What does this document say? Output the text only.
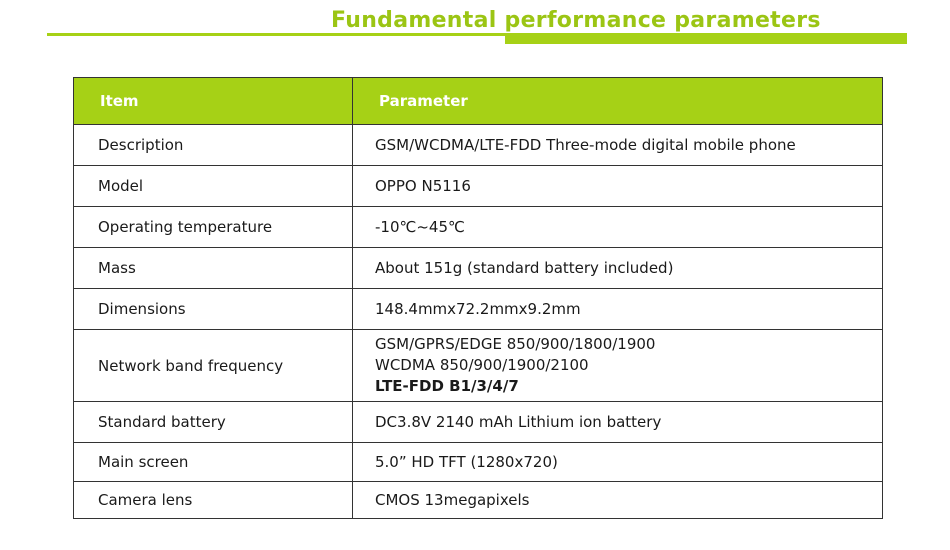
Fundamental performance parameters
Item	Parameter
Description	GSM/WCDMA/LTE-FDD Three-mode digital mobile phone

Model	OPPO N5116

Operating temperature	-10℃~45℃

Mass	About 151g (standard battery included)

Dimensions	148.4mmx72.2mmx9.2mm

Network band frequency	GSM/GPRS/EDGE 850/900/1800/1900
WCDMA 850/900/1900/2100
LTE-FDD B1/3/4/7

Standard battery	DC3.8V 2140 mAh Lithium ion battery

Main screen	5.0” HD TFT (1280x720)

Camera lens	CMOS 13megapixels
